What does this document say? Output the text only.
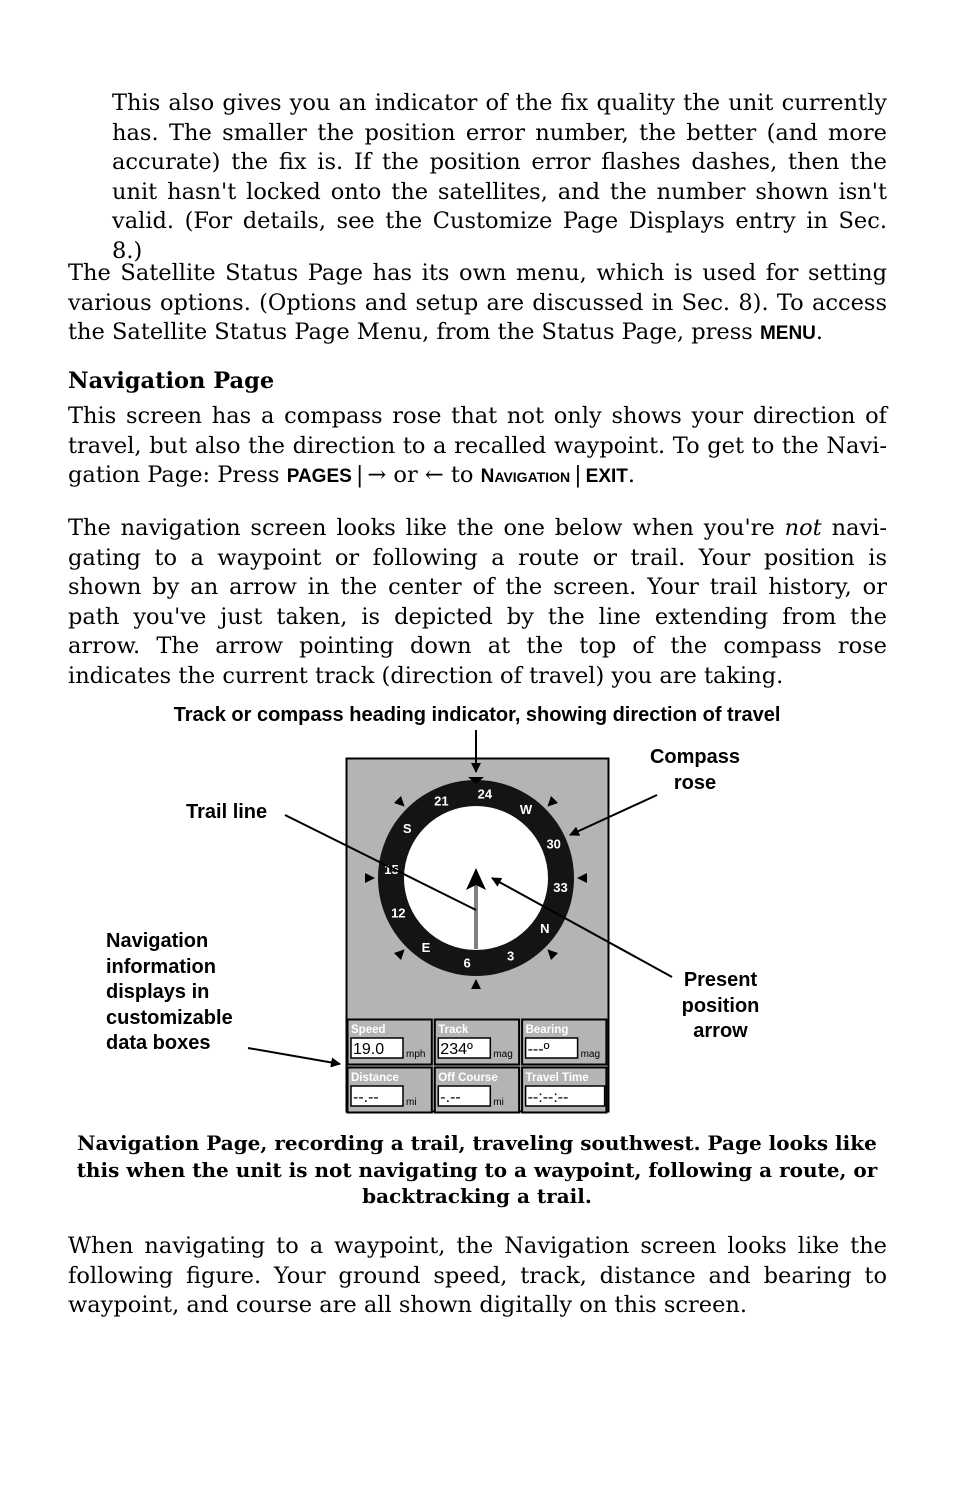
This also gives you an indicator of the fix quality the unit currently has. The smaller the position error number, the better (and more accurate) the fix is. If the position error flashes dashes, then the unit hasn't locked onto the satellites, and the number shown isn't valid. (For details, see the Customize Page Displays entry in Sec. 8.)

The Satellite Status Page has its own menu, which is used for setting various options. (Options and setup are discussed in Sec. 8). To access the Satellite Status Page Menu, from the Status Page, press MENU.

Navigation Page

This screen has a compass rose that not only shows your direction of travel, but also the direction to a recalled waypoint. To get to the Navigation Page: Press PAGES | → or ← to NAVIGATION | EXIT.

The navigation screen looks like the one below when you're not navigating to a waypoint or following a route or trail. Your position is shown by an arrow in the center of the screen. Your trail history, or path you've just taken, is depicted by the line extending from the arrow. The arrow pointing down at the top of the compass rose indicates the current track (direction of travel) you are taking.

Track or compass heading indicator, showing direction of travel

Compass rose

Trail line

Navigation information displays in customizable data boxes

Present position arrow

24
W
30
33
N
3
6
E
12
15
S
21
Speed
19.0 mph
Track
234º mag
Bearing
---º	mag
Distance
--.--	mi
Off Course
-.--	mi
Travel Time
--:--:--

Navigation Page, recording a trail, traveling southwest. Page looks like this when the unit is not navigating to a waypoint, following a route, or backtracking a trail.

When navigating to a waypoint, the Navigation screen looks like the following figure. Your ground speed, track, distance and bearing to waypoint, and course are all shown digitally on this screen.
